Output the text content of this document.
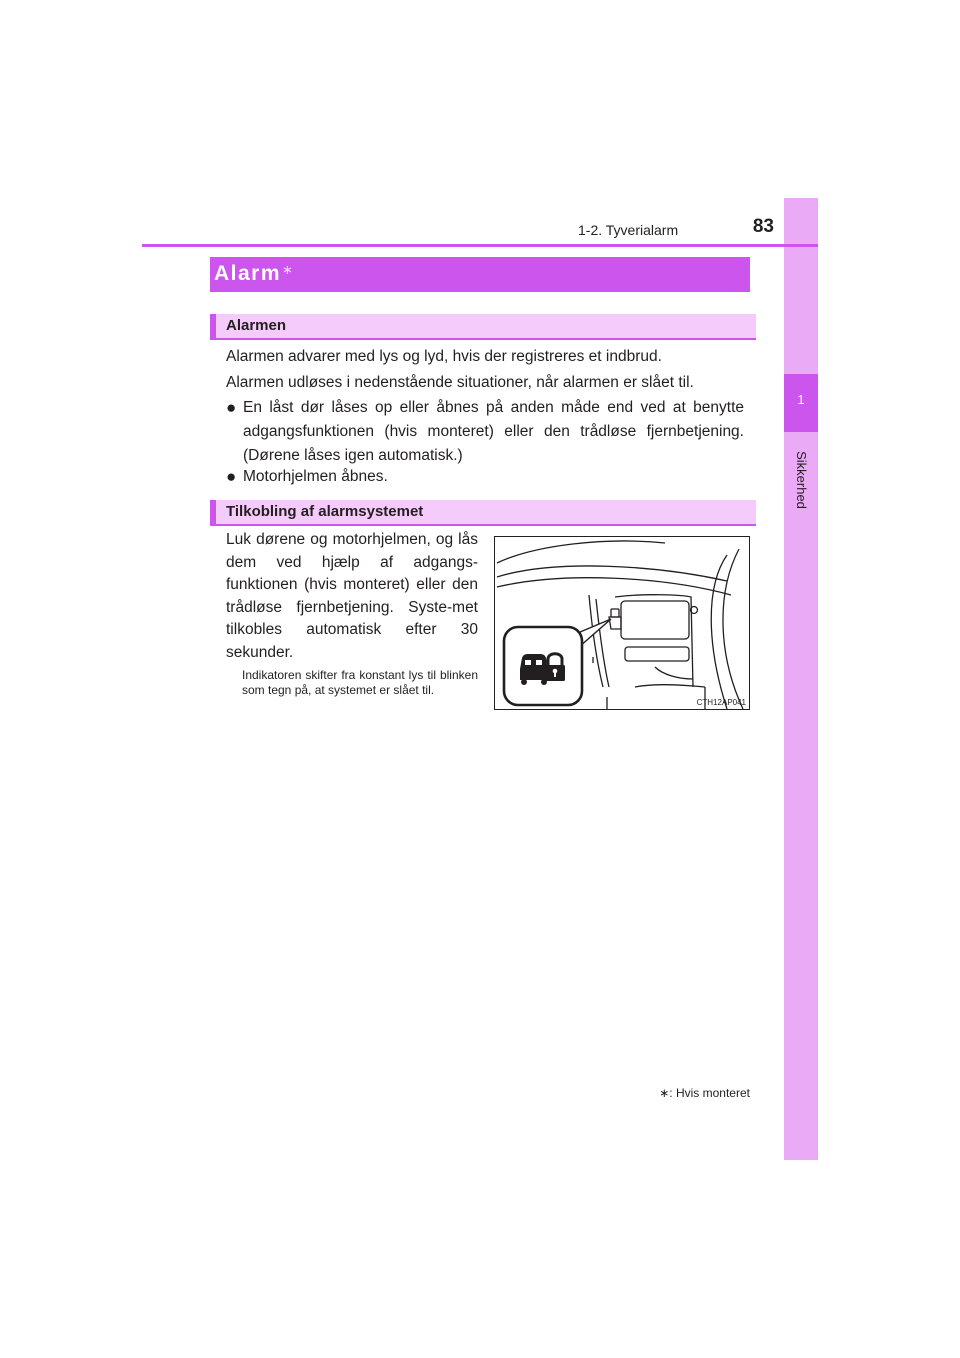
1
Sikkerhed
1-2. Tyverialarm	83
Alarm∗
Alarmen
Alarmen advarer med lys og lyd, hvis der registreres et indbrud.
Alarmen udløses i nedenstående situationer, når alarmen er slået til.
● En låst dør låses op eller åbnes på anden måde end ved at benytte adgangsfunktionen (hvis monteret) eller den trådløse fjernbetjening. (Dørene låses igen automatisk.)
● Motorhjelmen åbnes.
Tilkobling af alarmsystemet
Luk dørene og motorhjelmen, og lås dem ved hjælp af adgangs-funktionen (hvis monteret) eller den trådløse fjernbetjening. Syste-met tilkobles automatisk efter 30 sekunder.
Indikatoren skifter fra konstant lys til blinken som tegn på, at systemet er slået til.
CTH12AP041
∗: Hvis monteret
